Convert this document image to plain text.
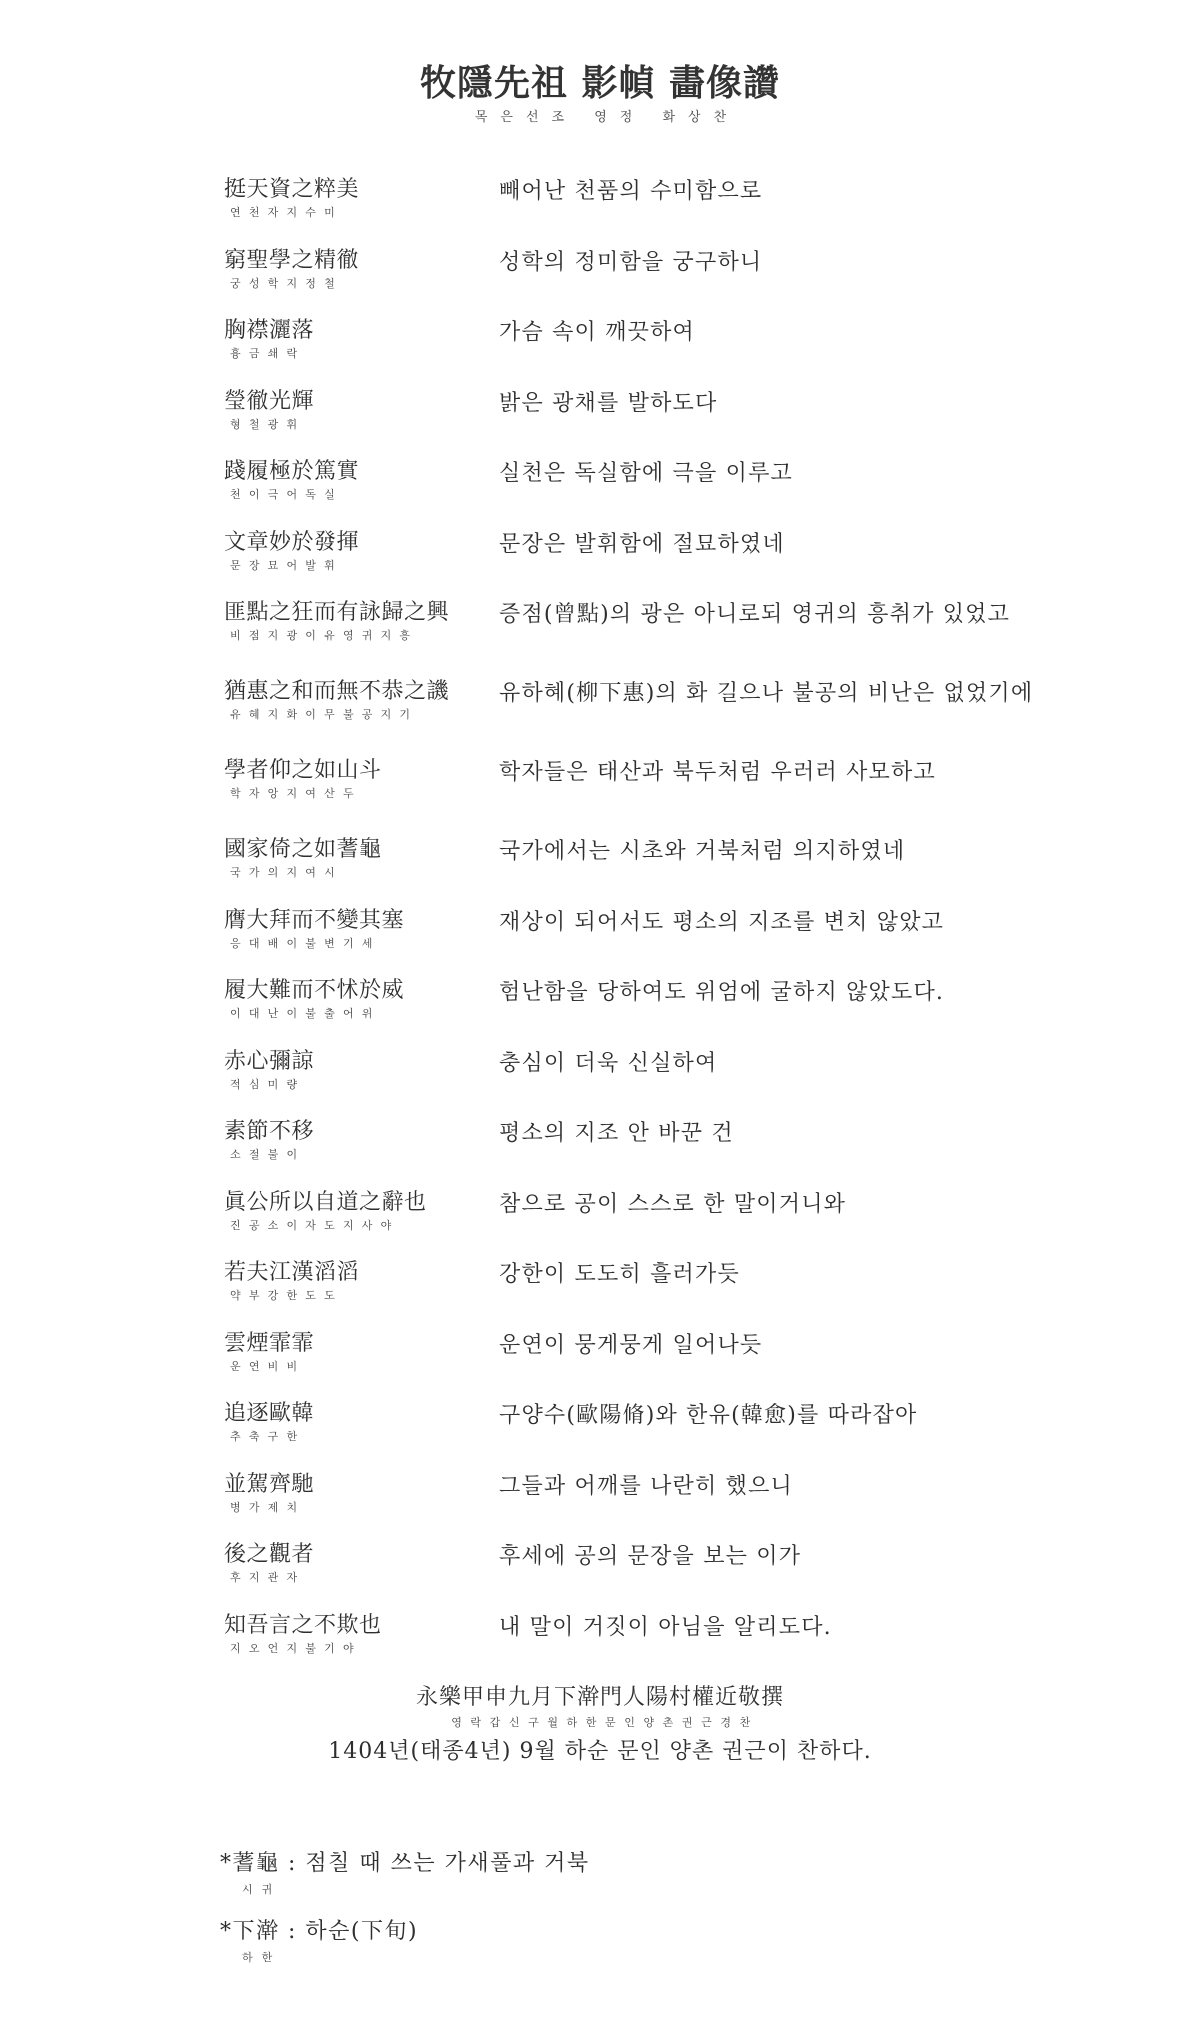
牧隱先祖 影幀 畵像讚
목은선조 영정 화상찬
挺天資之粹美
연천자지수미
빼어난 천품의 수미함으로
窮聖學之精徹
궁성학지정철
성학의 정미함을 궁구하니
胸襟灑落
흉금쇄락
가슴 속이 깨끗하여
瑩徹光輝
형철광휘
밝은 광채를 발하도다
踐履極於篤實
천이극어독실
실천은 독실함에 극을 이루고
文章妙於發揮
문장묘어발휘
문장은 발휘함에 절묘하였네
匪點之狂而有詠歸之興
비점지광이유영귀지흥
증점(曾點)의 광은 아니로되 영귀의 흥취가 있었고
猶惠之和而無不恭之譏
유혜지화이무불공지기
유하혜(柳下惠)의 화 길으나 불공의 비난은 없었기에
學者仰之如山斗
학자앙지여산두
학자들은 태산과 북두처럼 우러러 사모하고
國家倚之如蓍龜
국가의지여시
국가에서는 시초와 거북처럼 의지하였네
膺大拜而不變其塞
응대배이불변기세
재상이 되어서도 평소의 지조를 변치 않았고
履大難而不怵於威
이대난이불출어위
험난함을 당하여도 위엄에 굴하지 않았도다.
赤心彌諒
적심미량
충심이 더욱 신실하여
素節不移
소절불이
평소의 지조 안 바꾼 건
眞公所以自道之辭也
진공소이자도지사야
참으로 공이 스스로 한 말이거니와
若夫江漢滔滔
약부강한도도
강한이 도도히 흘러가듯
雲煙霏霏
운연비비
운연이 뭉게뭉게 일어나듯
追逐歐韓
추축구한
구양수(歐陽脩)와 한유(韓愈)를 따라잡아
並駕齊馳
병가제치
그들과 어깨를 나란히 했으니
後之觀者
후지관자
후세에 공의 문장을 보는 이가
知吾言之不欺也
지오언지불기야
내 말이 거짓이 아님을 알리도다.
永樂甲申九月下澣門人陽村權近敬撰
영락갑신구월하한문인양촌권근경찬
1404년(태종4년) 9월 하순 문인 양촌 권근이 찬하다.
*蓍龜 : 점칠 때 쓰는 가새풀과 거북
시귀
*下澣 : 하순(下旬)
하한
